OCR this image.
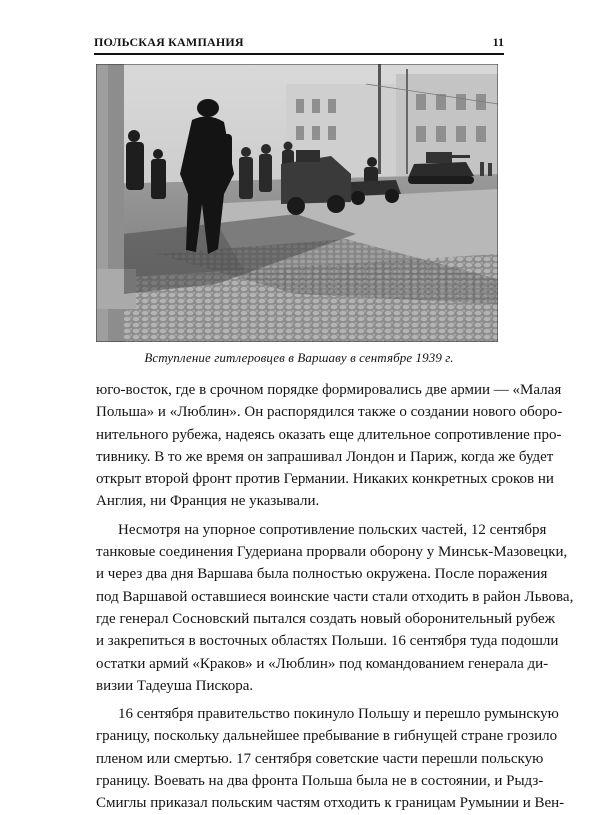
ПОЛЬСКАЯ КАМПАНИЯ	11
Вступление гитлеровцев в Варшаву в сентябре 1939 г.
юго-восток, где в срочном порядке формировались две армии — «Малая
Польша» и «Люблин». Он распорядился также о создании нового оборо-
нительного рубежа, надеясь оказать еще длительное сопротивление про-
тивнику. В то же время он запрашивал Лондон и Париж, когда же будет
открыт второй фронт против Германии. Никаких конкретных сроков ни
Англия, ни Франция не указывали.
Несмотря на упорное сопротивление польских частей, 12 сентября
танковые соединения Гудериана прорвали оборону у Минськ-Мазовецки,
и через два дня Варшава была полностью окружена. После поражения
под Варшавой оставшиеся воинские части стали отходить в район Львова,
где генерал Сосновский пытался создать новый оборонительный рубеж
и закрепиться в восточных областях Польши. 16 сентября туда подошли
остатки армий «Краков» и «Люблин» под командованием генерала ди-
визии Тадеуша Пискора.
16 сентября правительство покинуло Польшу и перешло румынскую
границу, поскольку дальнейшее пребывание в гибнущей стране грозило
пленом или смертью. 17 сентября советские части перешли польскую
границу. Воевать на два фронта Польша была не в состоянии, и Рыдз-
Смиглы приказал польским частям отходить к границам Румынии и Вен-
